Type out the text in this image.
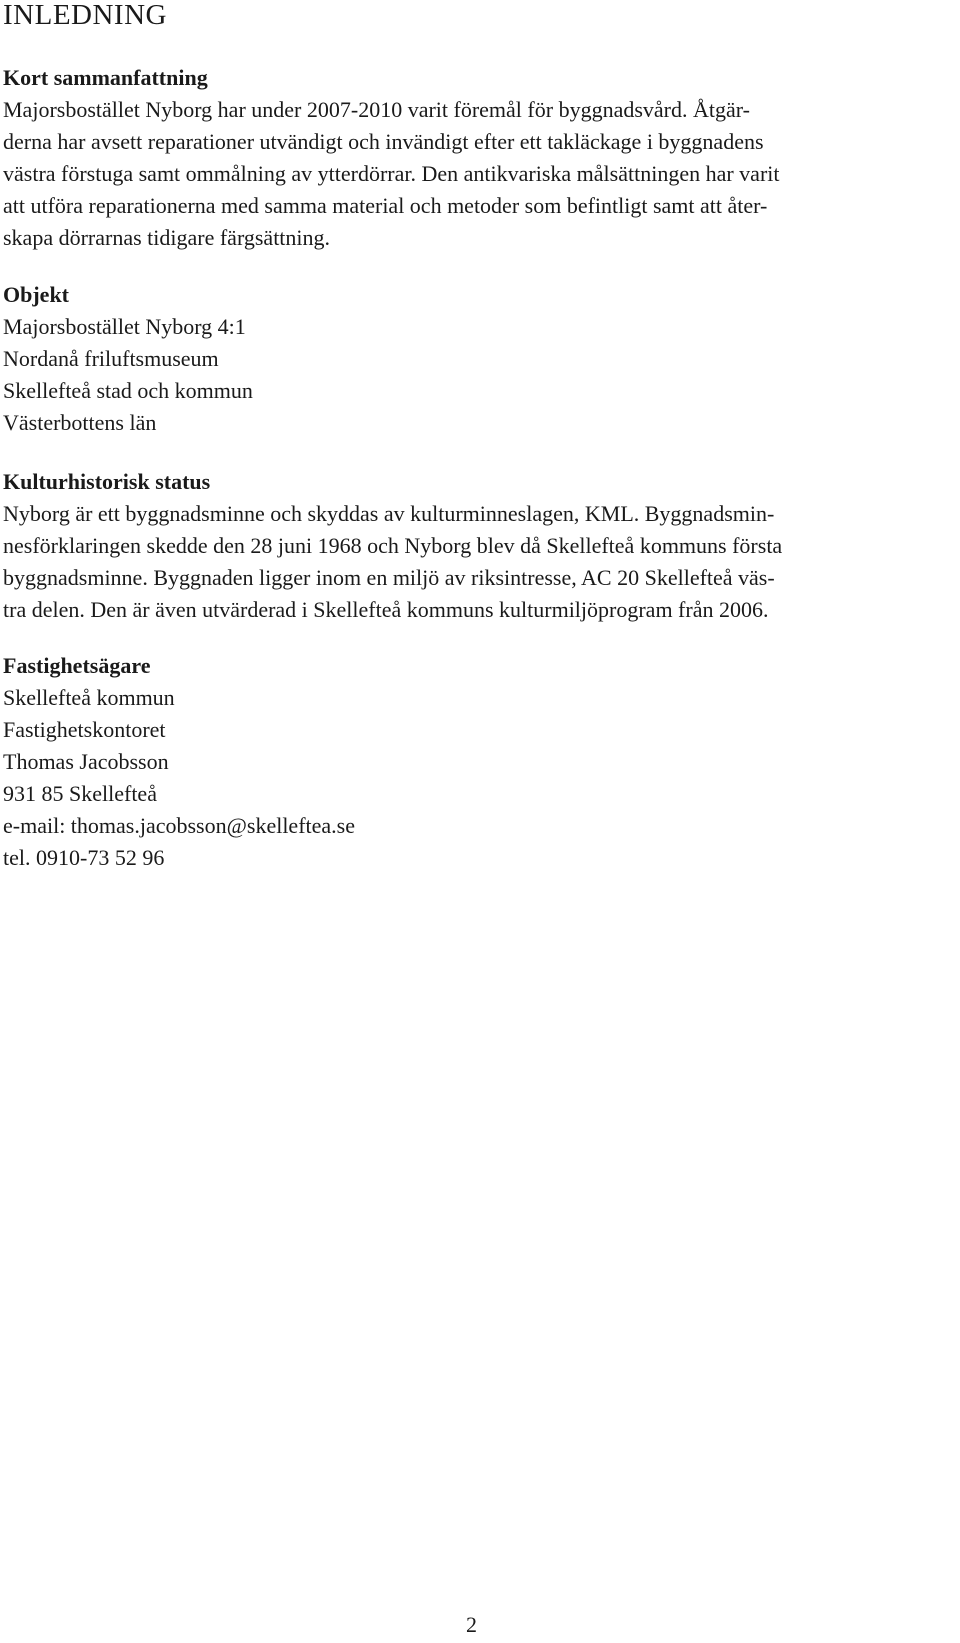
INLEDNING
Kort sammanfattning

Majorsbostället Nyborg har under 2007-2010 varit föremål för byggnadsvård. Åtgär-
derna har avsett reparationer utvändigt och invändigt efter ett takläckage i byggnadens
västra förstuga samt ommålning av ytterdörrar. Den antikvariska målsättningen har varit
att utföra reparationerna med samma material och metoder som befintligt samt att åter-
skapa dörrarnas tidigare färgsättning.

Objekt
Majorsbostället Nyborg 4:1
Nordanå friluftsmuseum
Skellefteå stad och kommun
Västerbottens län
Kulturhistorisk status

Nyborg är ett byggnadsminne och skyddas av kulturminneslagen, KML. Byggnadsmin-
nesförklaringen skedde den 28 juni 1968 och Nyborg blev då Skellefteå kommuns första
byggnadsminne. Byggnaden ligger inom en miljö av riksintresse, AC 20 Skellefteå väs-
tra delen. Den är även utvärderad i Skellefteå kommuns kulturmiljöprogram från 2006.

Fastighetsägare
Skellefteå kommun
Fastighetskontoret
Thomas Jacobsson
931 85 Skellefteå
e-mail: thomas.jacobsson@skelleftea.se
tel. 0910-73 52 96
2
